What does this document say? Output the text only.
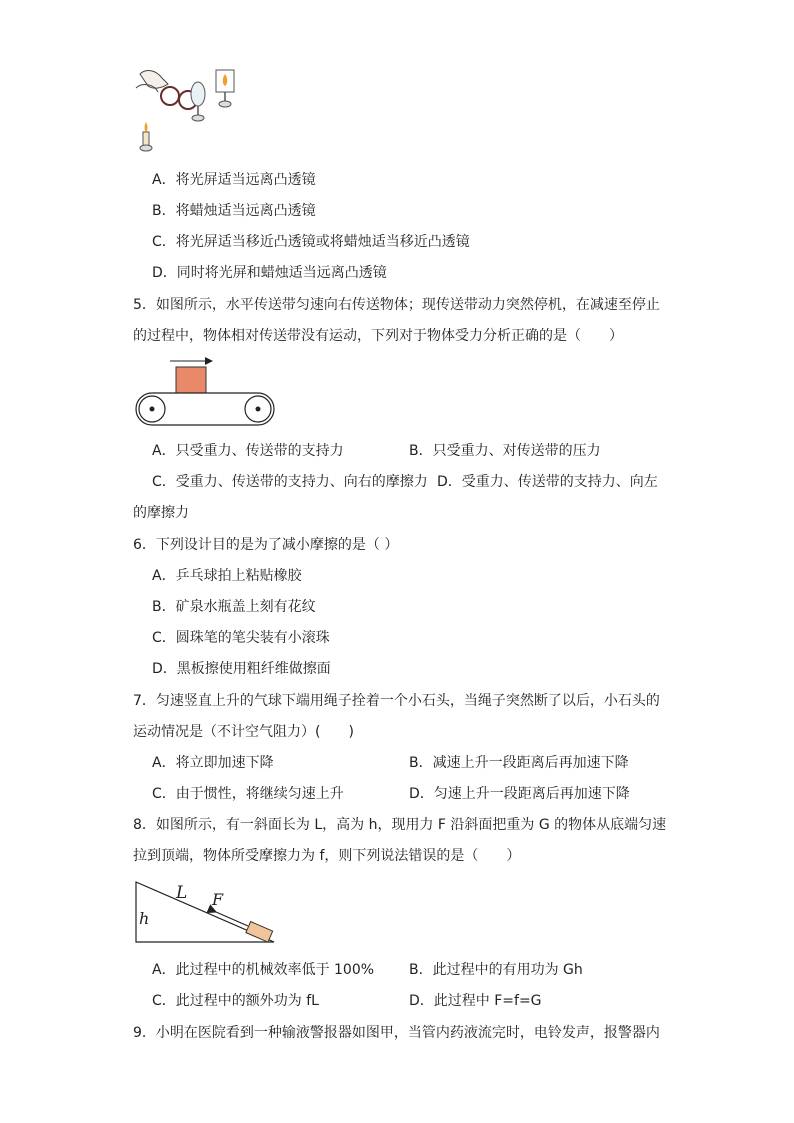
A．将光屏适当远离凸透镜
B．将蜡烛适当远离凸透镜
C．将光屏适当移近凸透镜或将蜡烛适当移近凸透镜
D．同时将光屏和蜡烛适当远离凸透镜
5．如图所示，水平传送带匀速向右传送物体；现传送带动力突然停机，在减速至停止
的过程中，物体相对传送带没有运动，下列对于物体受力分析正确的是（　　）
A．只受重力、传送带的支持力	B．只受重力、对传送带的压力
C．受重力、传送带的支持力、向右的摩擦力 D．受重力、传送带的支持力、向左
的摩擦力
6．下列设计目的是为了减小摩擦的是（ ）
A．乒乓球拍上粘贴橡胶
B．矿泉水瓶盖上刻有花纹
C．圆珠笔的笔尖装有小滚珠
D．黑板擦使用粗纤维做擦面
7．匀速竖直上升的气球下端用绳子拴着一个小石头，当绳子突然断了以后，小石头的
运动情况是（不计空气阻力）(　　)
A．将立即加速下降	B．减速上升一段距离后再加速下降
C．由于惯性，将继续匀速上升	D．匀速上升一段距离后再加速下降
8．如图所示，有一斜面长为 L，高为 h，现用力 F 沿斜面把重为 G 的物体从底端匀速
拉到顶端，物体所受摩擦力为 f，则下列说法错误的是（　　）
L F
h
A．此过程中的机械效率低于 100% B．此过程中的有用功为 Gh
C．此过程中的额外功为 fL	D．此过程中 F=f=G
9．小明在医院看到一种输液警报器如图甲，当管内药液流完时，电铃发声，报警器内
